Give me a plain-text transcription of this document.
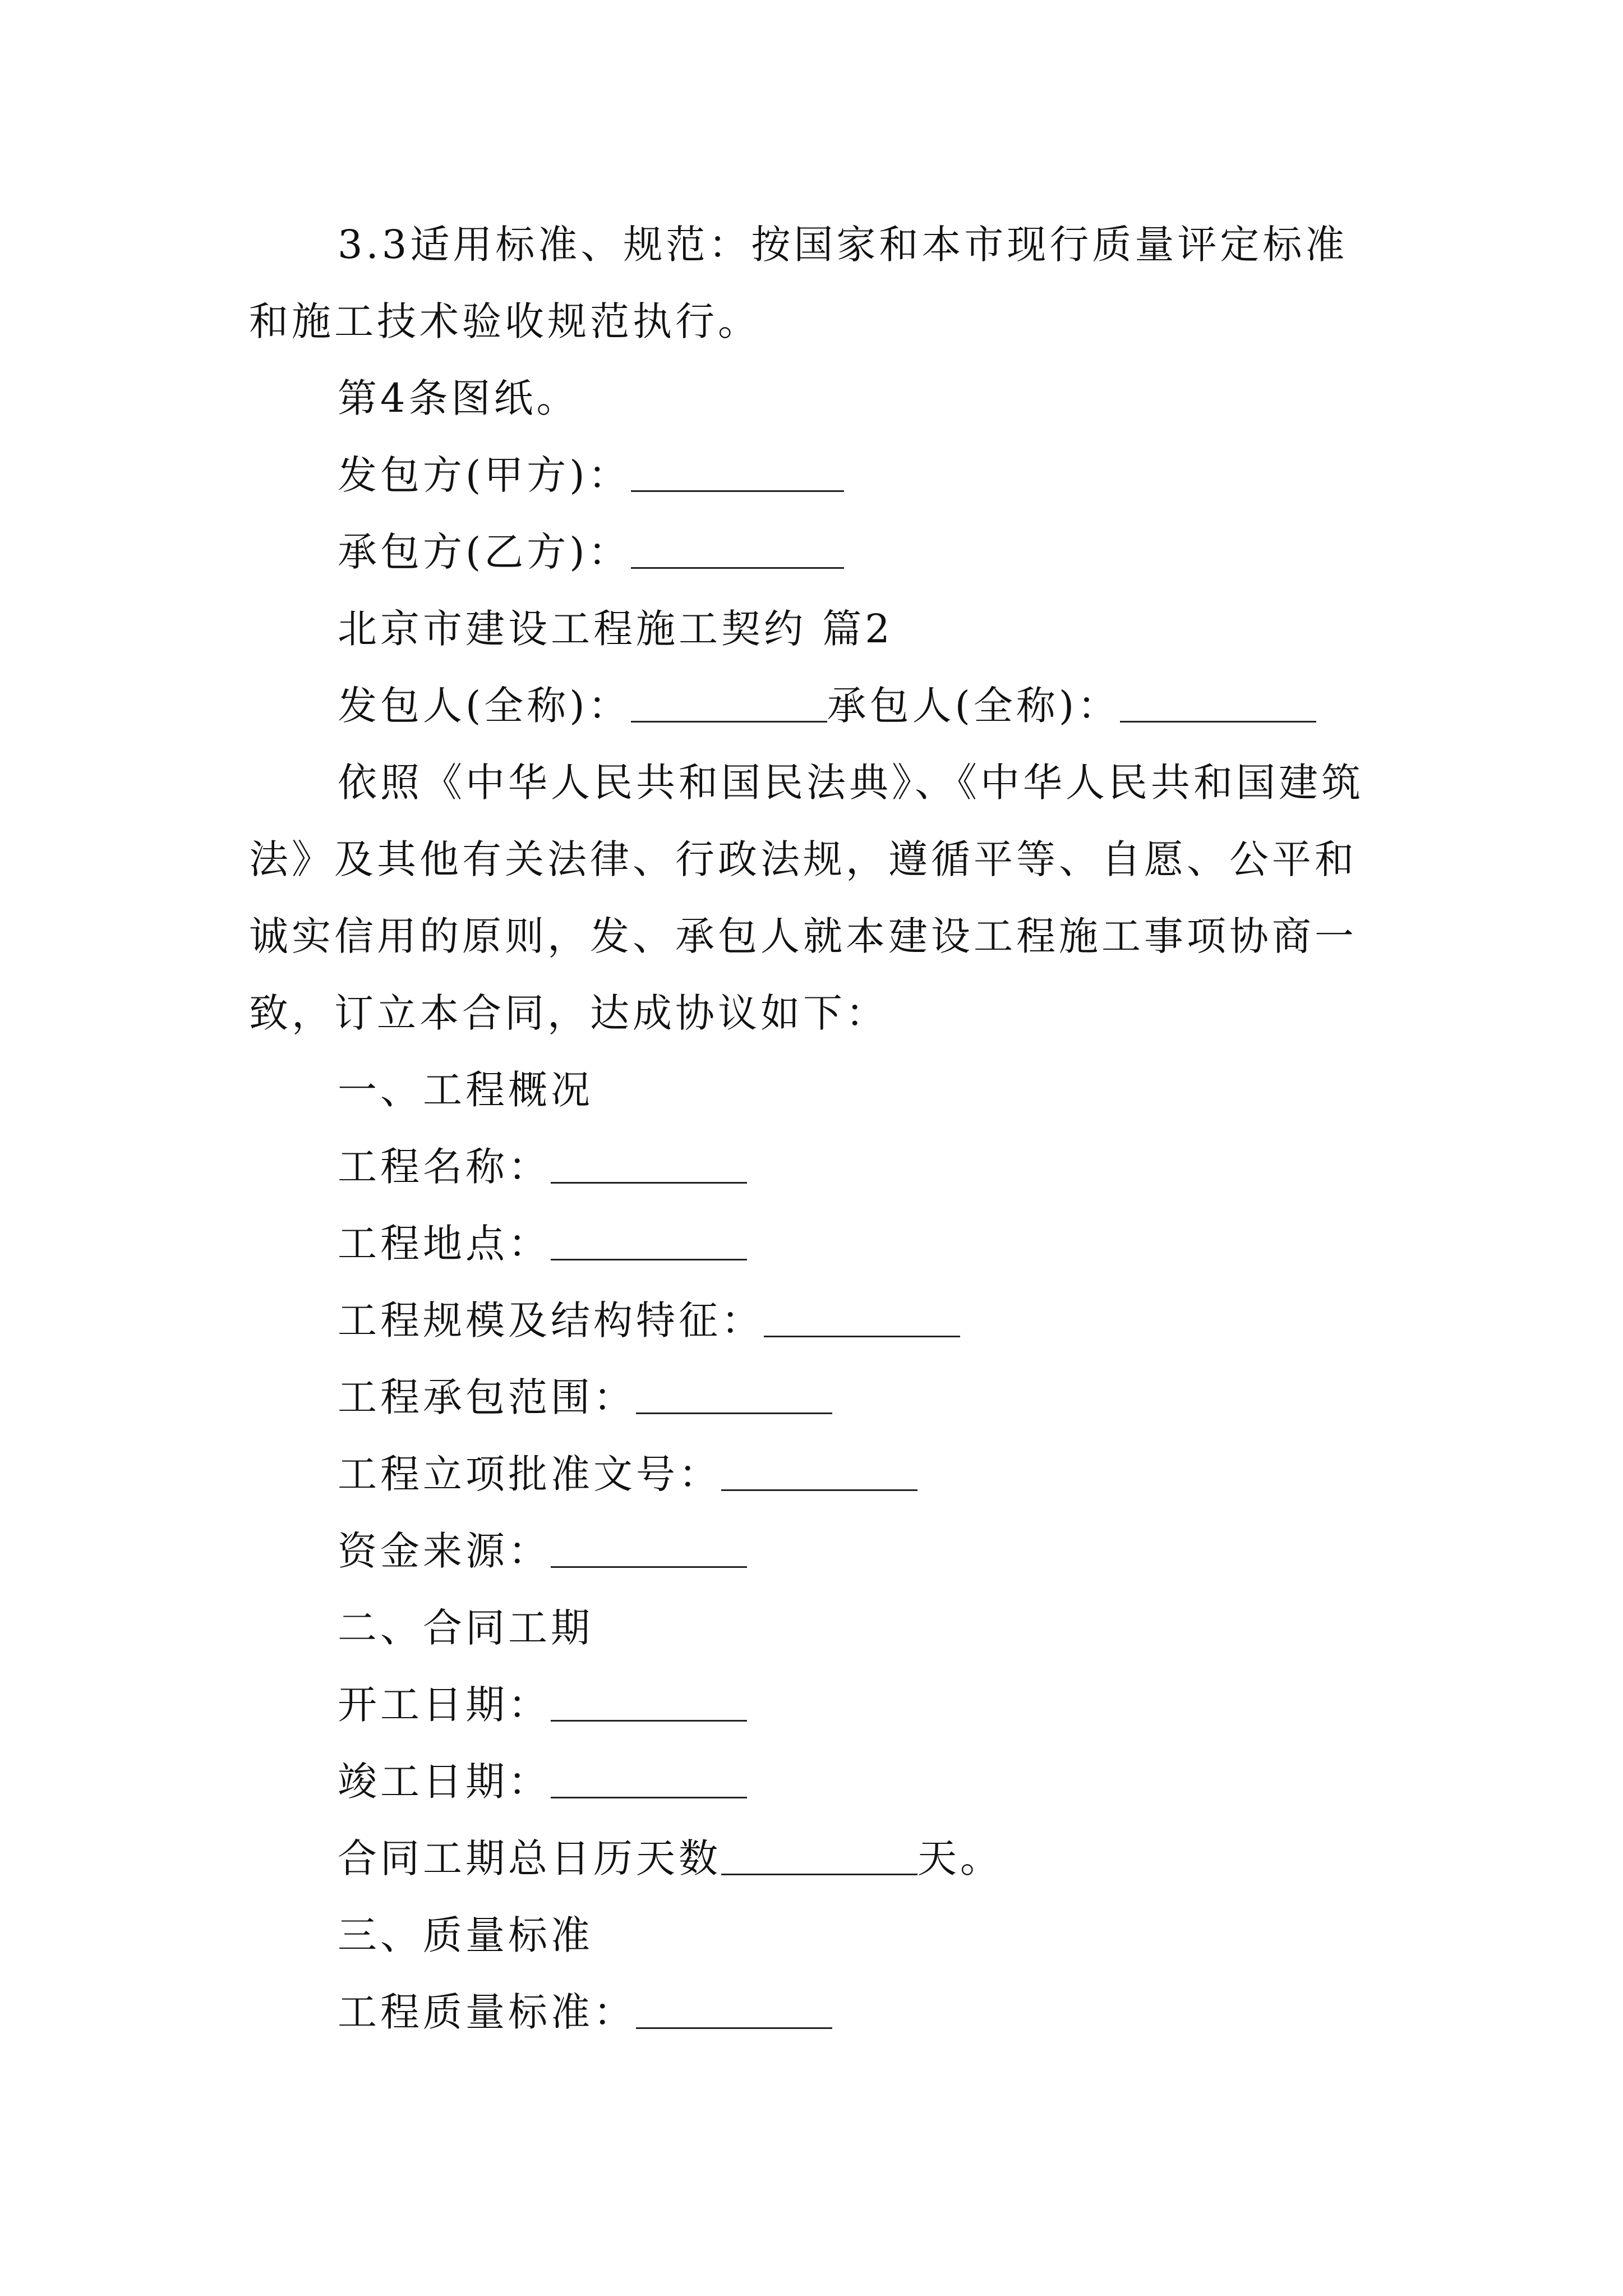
3.3适用标准、规范：按国家和本市现行质量评定标准
和施工技术验收规范执行。
第4条图纸。
发包方(甲方)：
承包方(乙方)：
北京市建设工程施工契约 篇2
发包人(全称)：	承包人(全称)：
依照《中华人民共和国民法典》、《中华人民共和国建筑
法》及其他有关法律、行政法规，遵循平等、自愿、公平和
诚实信用的原则，发、承包人就本建设工程施工事项协商一
致，订立本合同，达成协议如下：
一、工程概况
工程名称：
工程地点：
工程规模及结构特征：
工程承包范围：
工程立项批准文号：
资金来源：
二、合同工期
开工日期：
竣工日期：
合同工期总日历天数	天。
三、质量标准
工程质量标准：
